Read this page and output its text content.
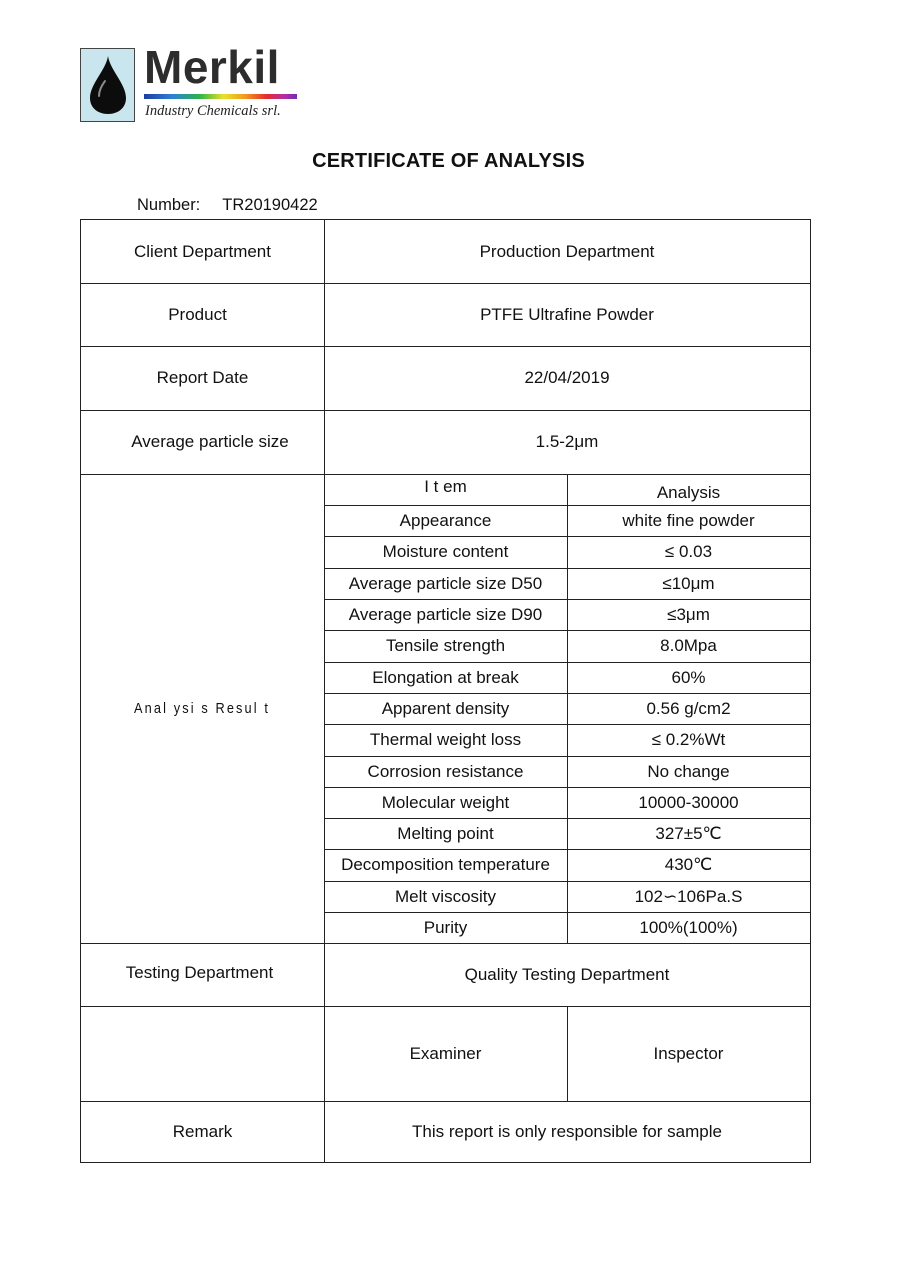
Merkil
Industry Chemicals srl.
CERTIFICATE OF ANALYSIS
Number: TR20190422
Client Department	Production Department
Product	PTFE Ultrafine Powder
Report Date	22/04/2019
Average particle size	1.5-2μm
Anal ysi s Resul t
I t em	Analysis
Appearance	white fine powder
Moisture content	≤ 0.03
Average particle size D50	≤10μm
Average particle size D90	≤3μm
Tensile strength	8.0Mpa
Elongation at break	60%
Apparent density	0.56 g/cm2
Thermal weight loss	≤ 0.2%Wt
Corrosion resistance	No change
Molecular weight	10000-30000
Melting point	327±5℃
Decomposition temperature	430℃
Melt viscosity	102∽106Pa.S
Purity	100%(100%)
Testing Department	Quality Testing Department
Examiner	Inspector
Remark	This report is only responsible for sample
